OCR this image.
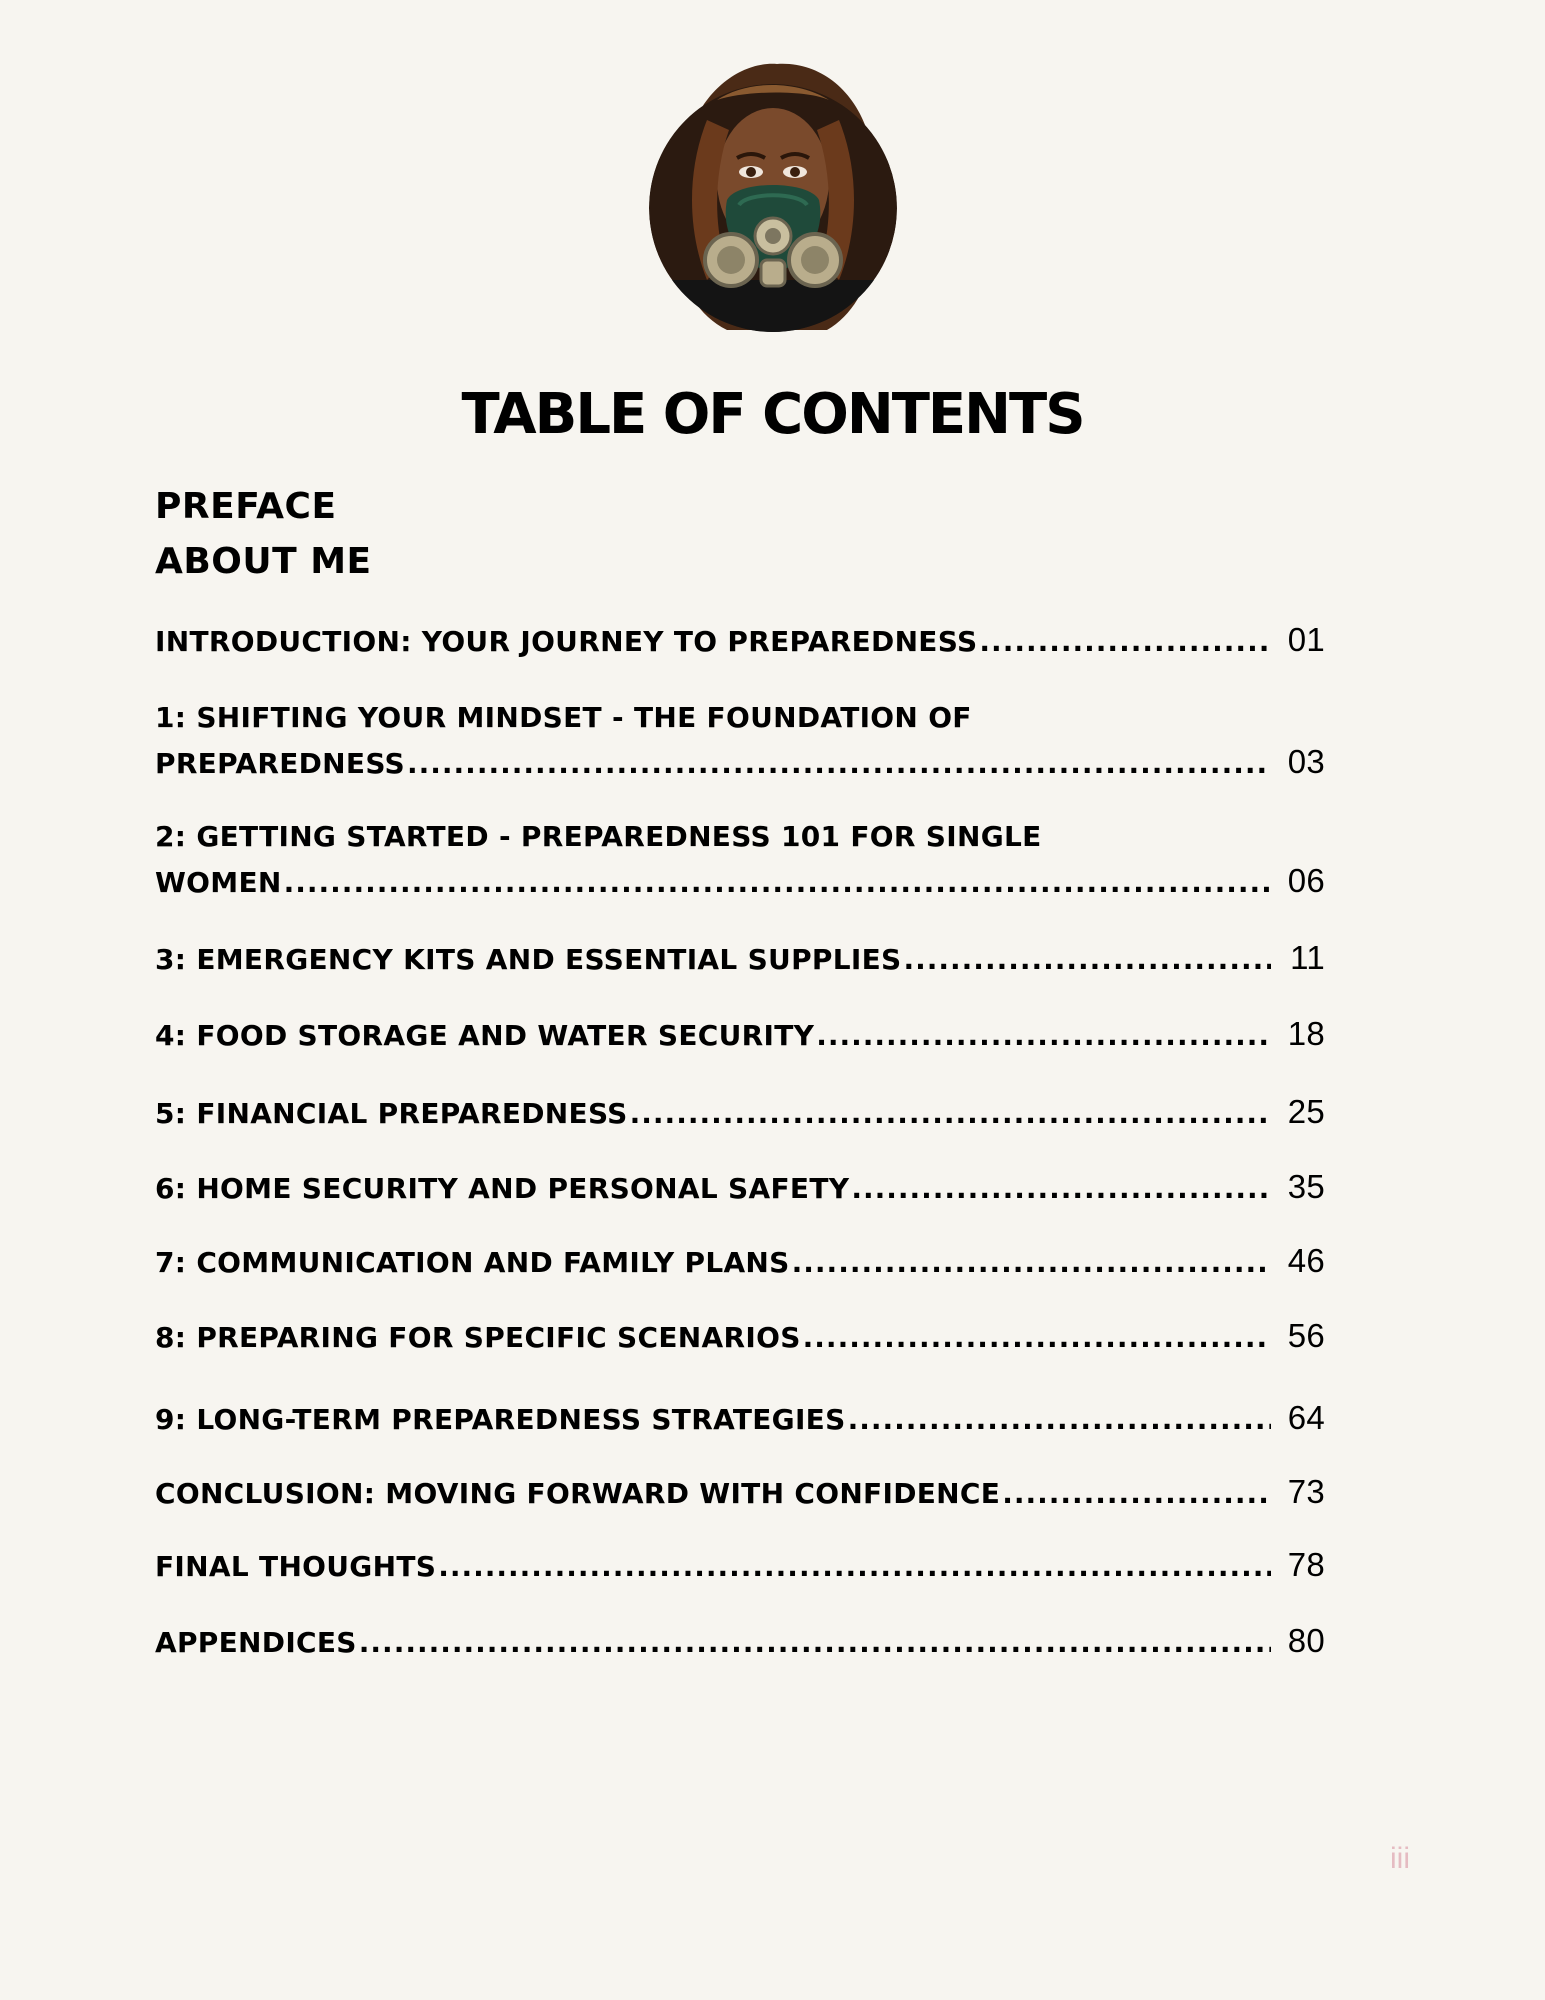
TABLE OF CONTENTS
PREFACE
ABOUT ME
INTRODUCTION: YOUR JOURNEY TO PREPAREDNESS .....	01
1: SHIFTING YOUR MINDSET - THE FOUNDATION OF
PREPAREDNESS .....	03
2: GETTING STARTED - PREPAREDNESS 101 FOR SINGLE
WOMEN .....	06
3: EMERGENCY KITS AND ESSENTIAL SUPPLIES .....	11
4: FOOD STORAGE AND WATER SECURITY .....	18
5: FINANCIAL PREPAREDNESS .....	25
6: HOME SECURITY AND PERSONAL SAFETY .....	35
7: COMMUNICATION AND FAMILY PLANS .....	46
8: PREPARING FOR SPECIFIC SCENARIOS .....	56
9: LONG-TERM PREPAREDNESS STRATEGIES .....	64
CONCLUSION: MOVING FORWARD WITH CONFIDENCE .....	73
FINAL THOUGHTS .....	78
APPENDICES .....	80
iii
